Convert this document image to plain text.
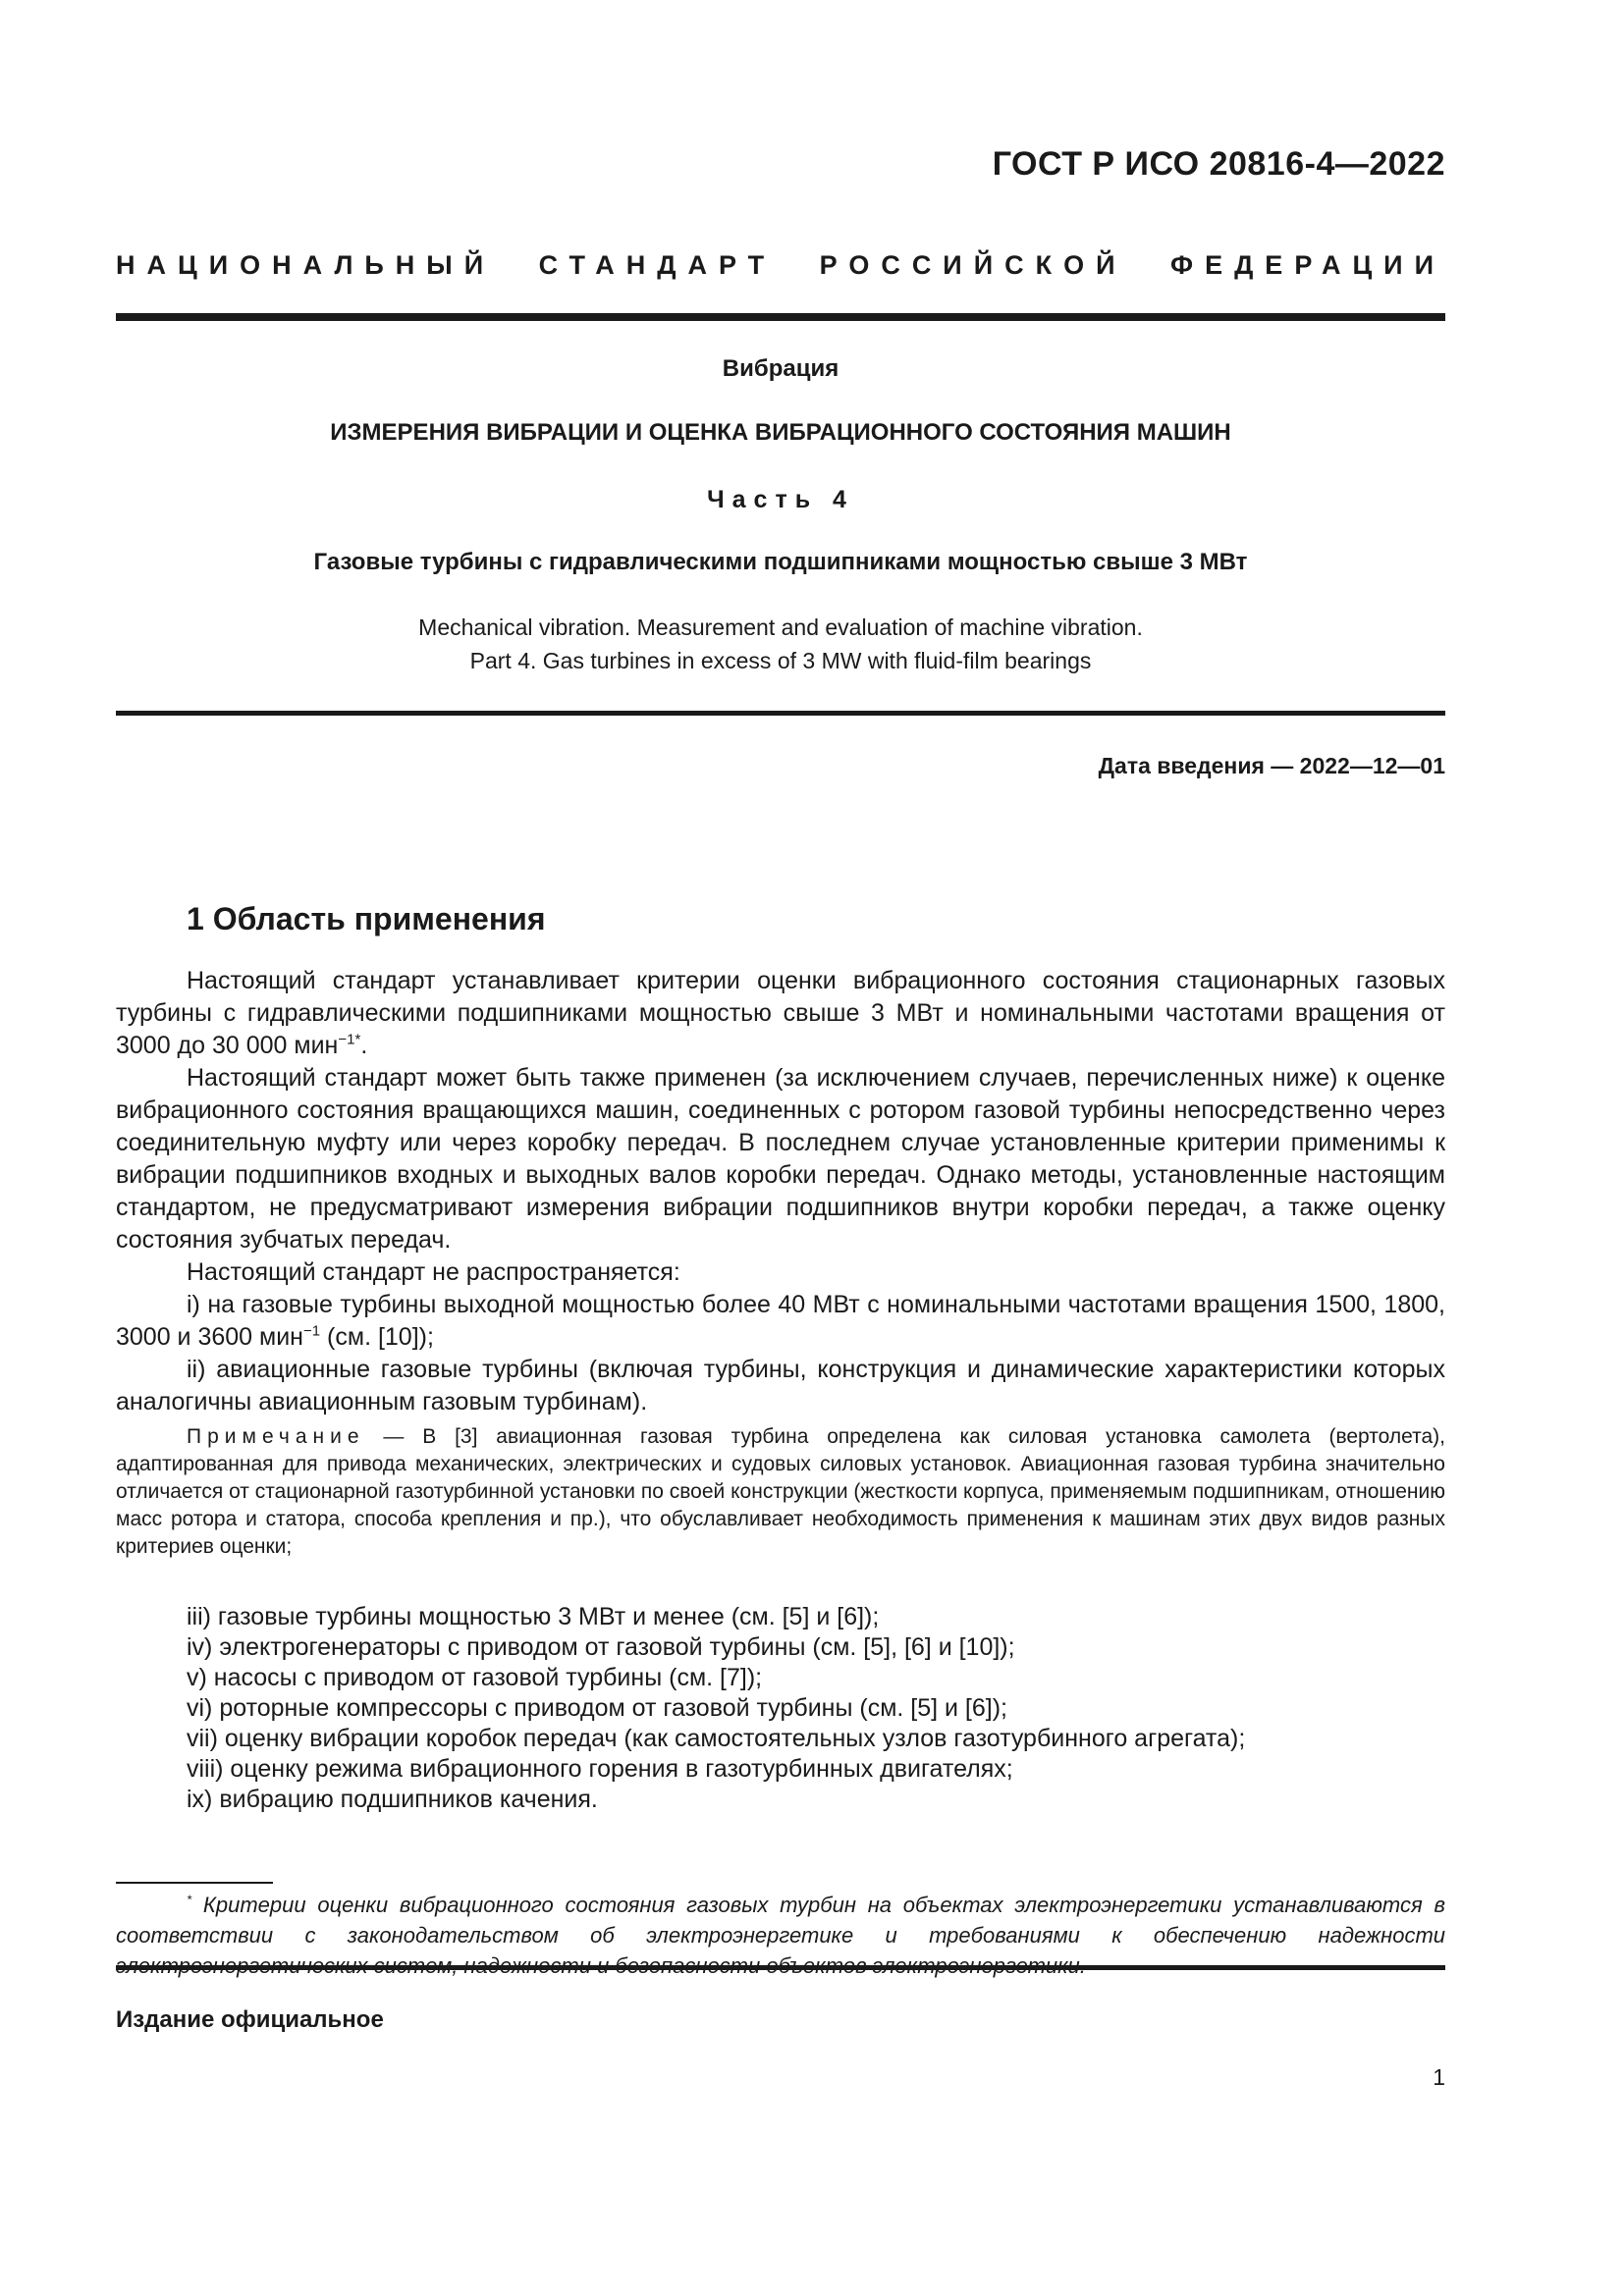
ГОСТ Р ИСО 20816-4—2022
НАЦИОНАЛЬНЫЙ СТАНДАРТ РОССИЙСКОЙ ФЕДЕРАЦИИ
Вибрация
ИЗМЕРЕНИЯ ВИБРАЦИИ И ОЦЕНКА ВИБРАЦИОННОГО СОСТОЯНИЯ МАШИН
Часть 4
Газовые турбины с гидравлическими подшипниками мощностью свыше 3 МВт
Mechanical vibration. Measurement and evaluation of machine vibration.
Part 4. Gas turbines in excess of 3 MW with fluid-film bearings
Дата введения — 2022—12—01
1 Область применения

Настоящий стандарт устанавливает критерии оценки вибрационного состояния стационарных газовых турбины с гидравлическими подшипниками мощностью свыше 3 МВт и номинальными частотами вращения от 3000 до 30 000 мин$^{-1*}$.

Настоящий стандарт может быть также применен (за исключением случаев, перечисленных ниже) к оценке вибрационного состояния вращающихся машин, соединенных с ротором газовой турбины непосредственно через соединительную муфту или через коробку передач. В последнем случае установленные критерии применимы к вибрации подшипников входных и выходных валов коробки передач. Однако методы, установленные настоящим стандартом, не предусматривают измерения вибрации подшипников внутри коробки передач, а также оценку состояния зубчатых передач.

Настоящий стандарт не распространяется:

i) на газовые турбины выходной мощностью более 40 МВт с номинальными частотами вращения 1500, 1800, 3000 и 3600 мин$^{-1}$ (см. [10]);

ii) авиационные газовые турбины (включая турбины, конструкция и динамические характеристики которых аналогичны авиационным газовым турбинам).

Примечание — В [3] авиационная газовая турбина определена как силовая установка самолета (вертолета), адаптированная для привода механических, электрических и судовых силовых установок. Авиационная газовая турбина значительно отличается от стационарной газотурбинной установки по своей конструкции (жесткости корпуса, применяемым подшипникам, отношению масс ротора и статора, способа крепления и пр.), что обуславливает необходимость применения к машинам этих двух видов разных критериев оценки;

iii) газовые турбины мощностью 3 МВт и менее (см. [5] и [6]);
iv) электрогенераторы с приводом от газовой турбины (см. [5], [6] и [10]);
v) насосы с приводом от газовой турбины (см. [7]);
vi) роторные компрессоры с приводом от газовой турбины (см. [5] и [6]);
vii) оценку вибрации коробок передач (как самостоятельных узлов газотурбинного агрегата);
viii) оценку режима вибрационного горения в газотурбинных двигателях;
ix) вибрацию подшипников качения.

* Критерии оценки вибрационного состояния газовых турбин на объектах электроэнергетики устанавливаются в соответствии с законодательством об электроэнергетике и требованиями к обеспечению надежности

Издание официальное
1
